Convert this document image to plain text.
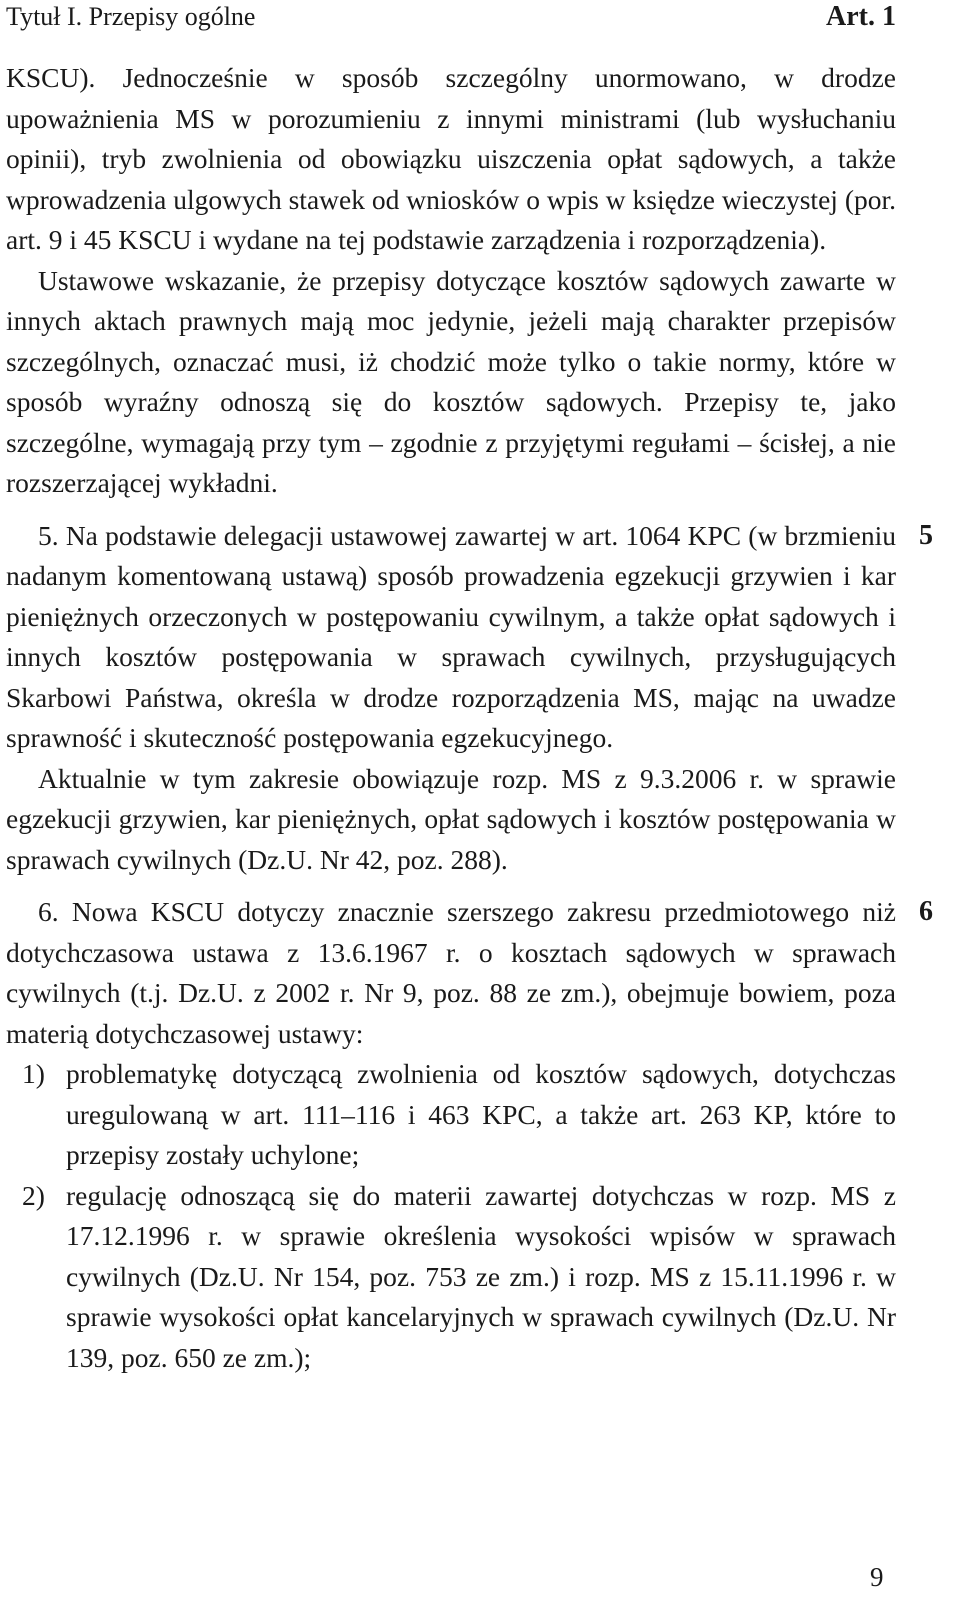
Tytuł I. Przepisy ogólne	Art. 1

KSCU). Jednocześnie w sposób szczególny unormowano, w drodze upoważnienia MS w porozumieniu z innymi ministrami (lub wysłuchaniu opinii), tryb zwolnienia od obowiązku uiszczenia opłat sądowych, a także wprowadzenia ulgowych stawek od wniosków o wpis w księdze wieczystej (por. art. 9 i 45 KSCU i wydane na tej podstawie zarządzenia i rozporządzenia).

Ustawowe wskazanie, że przepisy dotyczące kosztów sądowych zawarte w innych aktach prawnych mają moc jedynie, jeżeli mają charakter przepisów szczególnych, oznaczać musi, iż chodzić może tylko o takie normy, które w sposób wyraźny odnoszą się do kosztów sądowych. Przepisy te, jako szczególne, wymagają przy tym – zgodnie z przyjętymi regułami – ścisłej, a nie rozszerzającej wykładni.

5

5. Na podstawie delegacji ustawowej zawartej w art. 1064 KPC (w brzmieniu nadanym komentowaną ustawą) sposób prowadzenia egzekucji grzywien i kar pieniężnych orzeczonych w postępowaniu cywilnym, a także opłat sądowych i innych kosztów postępowania w sprawach cywilnych, przysługujących Skarbowi Państwa, określa w drodze rozporządzenia MS, mając na uwadze sprawność i skuteczność postępowania egzekucyjnego.

Aktualnie w tym zakresie obowiązuje rozp. MS z 9.3.2006 r. w sprawie egzekucji grzywien, kar pieniężnych, opłat sądowych i kosztów postępowania w sprawach cywilnych (Dz.U. Nr 42, poz. 288).

6

6. Nowa KSCU dotyczy znacznie szerszego zakresu przedmiotowego niż dotychczasowa ustawa z 13.6.1967 r. o kosztach sądowych w sprawach cywilnych (t.j. Dz.U. z 2002 r. Nr 9, poz. 88 ze zm.), obejmuje bowiem, poza materią dotychczasowej ustawy:

1) problematykę dotyczącą zwolnienia od kosztów sądowych, dotychczas uregulowaną w art. 111–116 i 463 KPC, a także art. 263 KP, które to przepisy zostały uchylone;
2) regulację odnoszącą się do materii zawartej dotychczas w rozp. MS z 17.12.1996 r. w sprawie określenia wysokości wpisów w sprawach cywilnych (Dz.U. Nr 154, poz. 753 ze zm.) i rozp. MS z 15.11.1996 r. w sprawie wysokości opłat kancelaryjnych w sprawach cywilnych (Dz.U. Nr 139, poz. 650 ze zm.);
9
